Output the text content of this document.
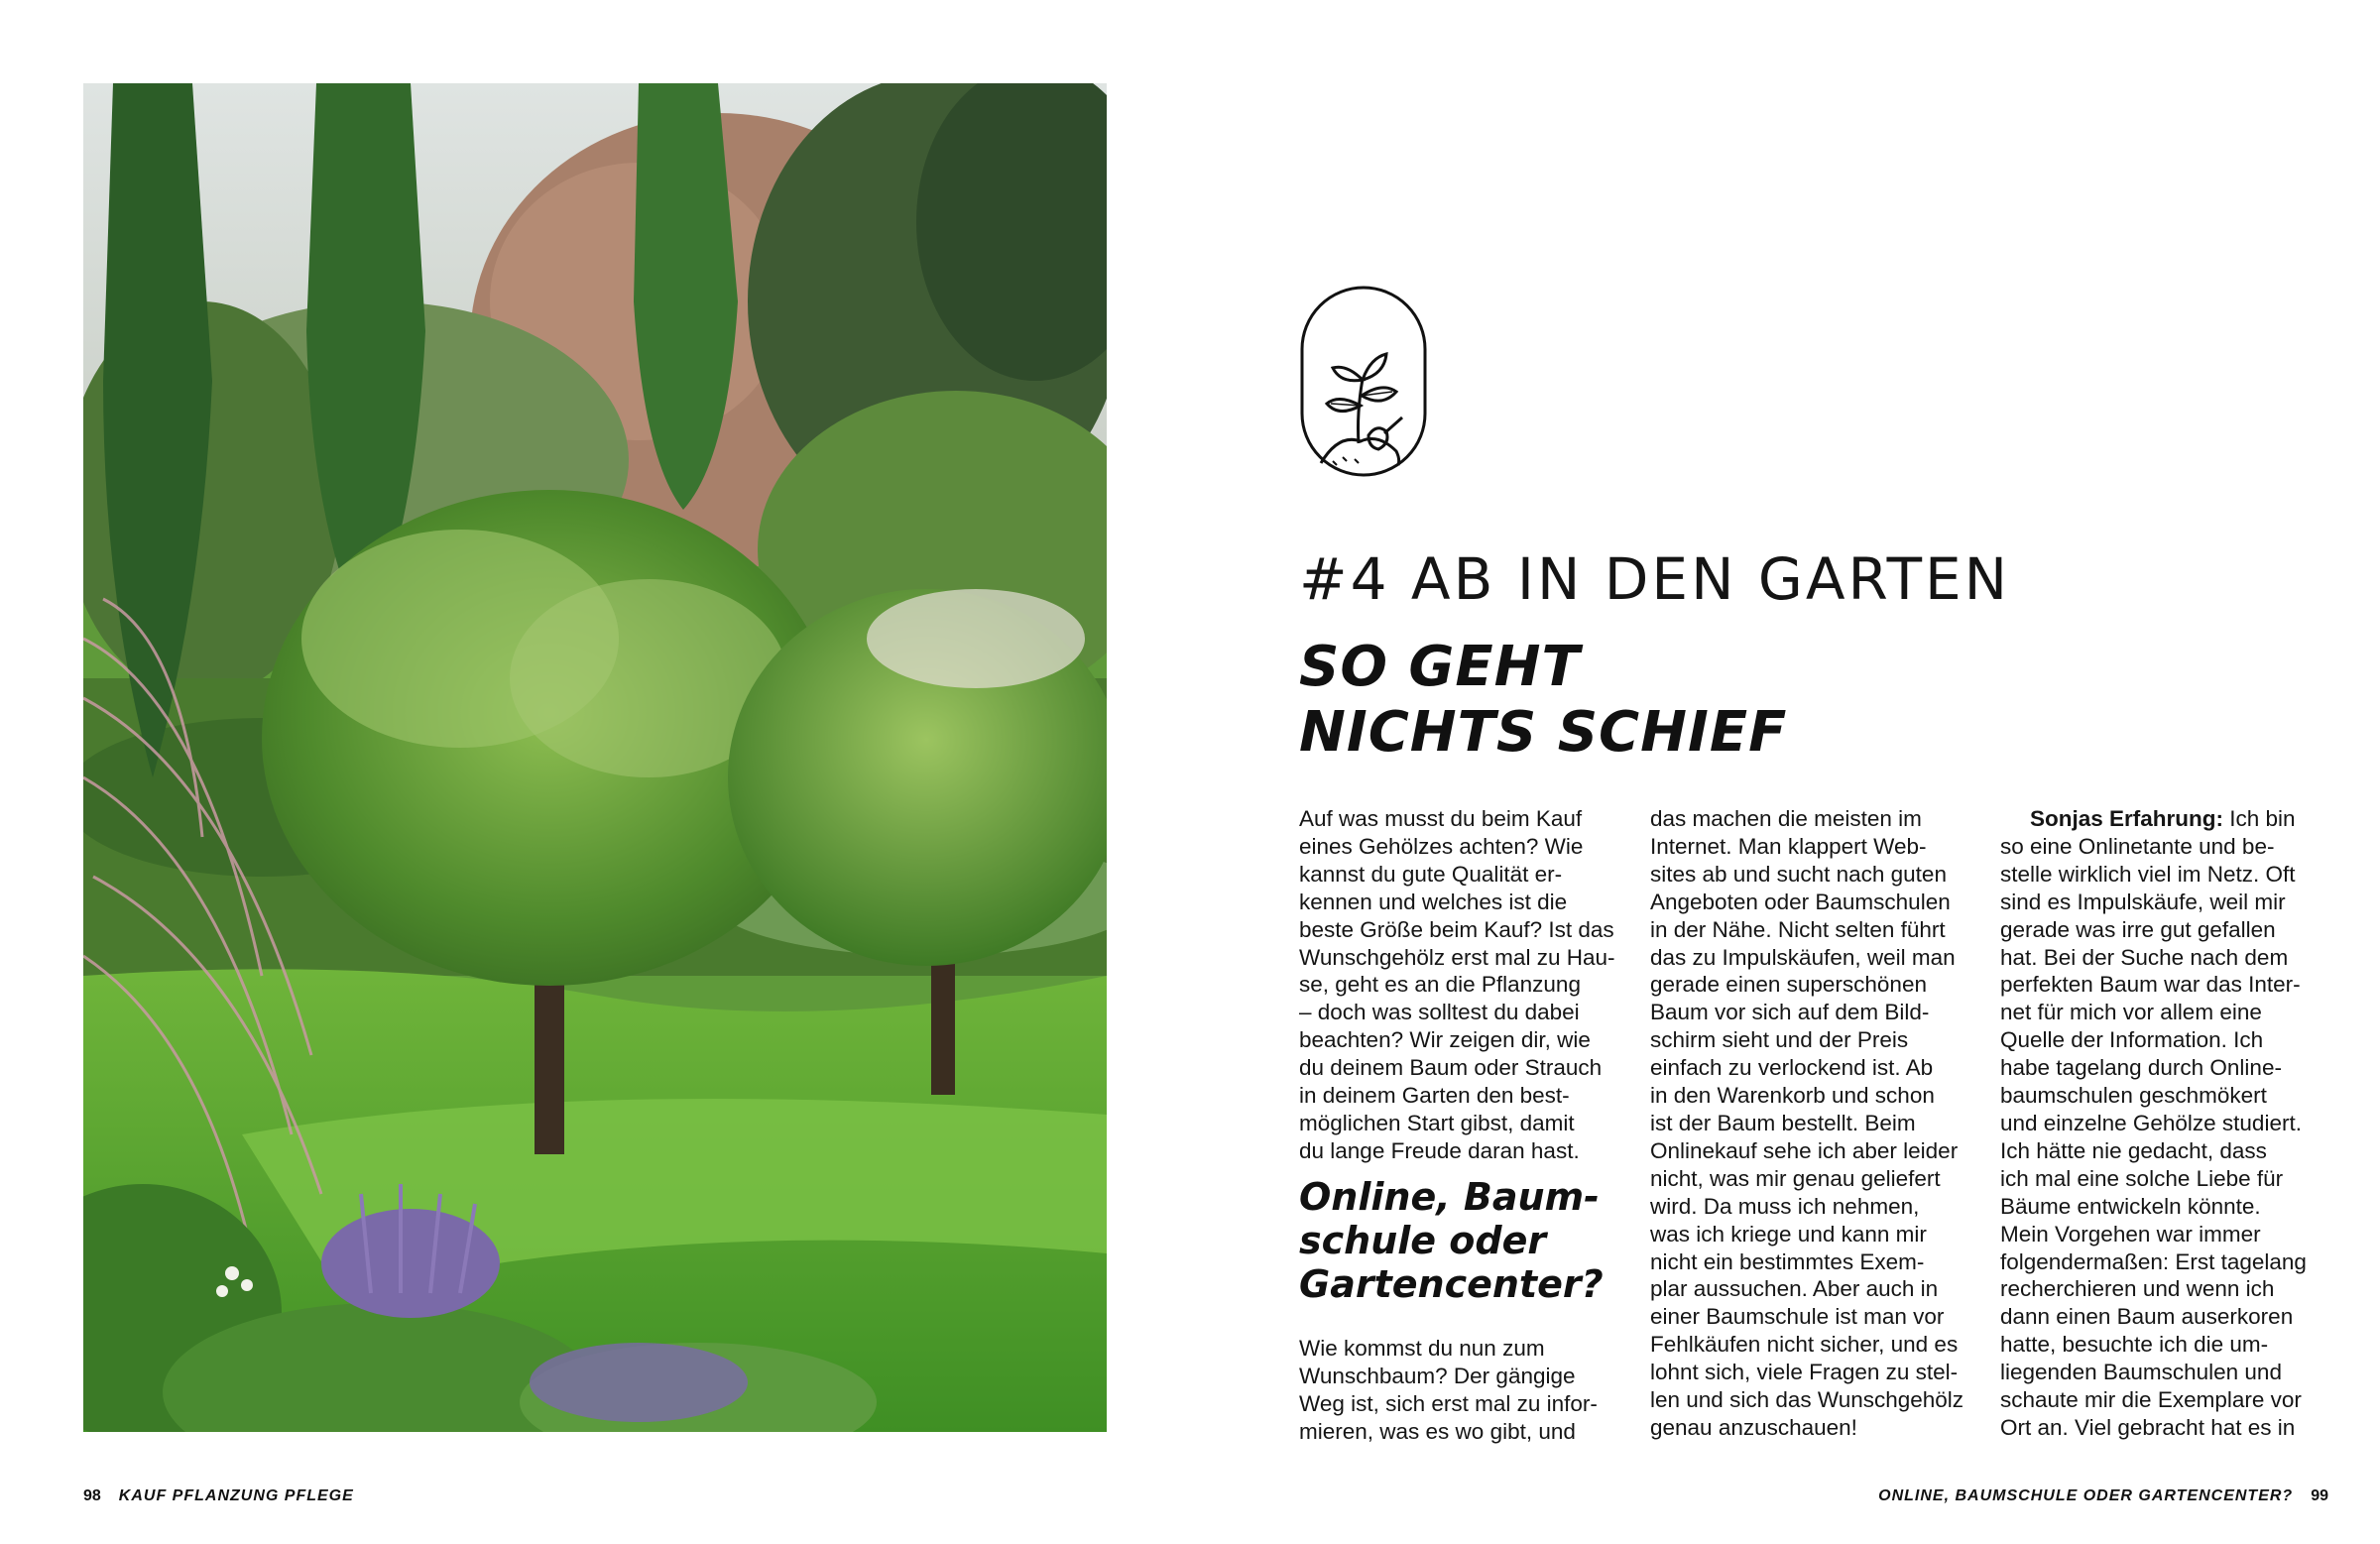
#4 AB IN DEN GARTEN
SO GEHT
NICHTS SCHIEF

Auf was musst du beim Kauf
eines Gehölzes achten? Wie
kannst du gute Qualität er-
kennen und welches ist die
beste Größe beim Kauf? Ist das
Wunschgehölz erst mal zu Hau-
se, geht es an die Pflanzung
– doch was solltest du dabei
beachten? Wir zeigen dir, wie
du deinem Baum oder Strauch
in deinem Garten den best-
möglichen Start gibst, damit
du lange Freude daran hast.

Online, Baum-
schule oder
Gartencenter?

Wie kommst du nun zum
Wunschbaum? Der gängige
Weg ist, sich erst mal zu infor-
mieren, was es wo gibt, und

das machen die meisten im
Internet. Man klappert Web-
sites ab und sucht nach guten
Angeboten oder Baumschulen
in der Nähe. Nicht selten führt
das zu Impulskäufen, weil man
gerade einen superschönen
Baum vor sich auf dem Bild-
schirm sieht und der Preis
einfach zu verlockend ist. Ab
in den Warenkorb und schon
ist der Baum bestellt. Beim
Onlinekauf sehe ich aber leider
nicht, was mir genau geliefert
wird. Da muss ich nehmen,
was ich kriege und kann mir
nicht ein bestimmtes Exem-
plar aussuchen. Aber auch in
einer Baumschule ist man vor
Fehlkäufen nicht sicher, und es
lohnt sich, viele Fragen zu stel-
len und sich das Wunschgehölz
genau anzuschauen!

Sonjas Erfahrung: Ich bin
so eine Onlinetante und be-
stelle wirklich viel im Netz. Oft
sind es Impulskäufe, weil mir
gerade was irre gut gefallen
hat. Bei der Suche nach dem
perfekten Baum war das Inter-
net für mich vor allem eine
Quelle der Information. Ich
habe tagelang durch Online-
baumschulen geschmökert
und einzelne Gehölze studiert.
Ich hätte nie gedacht, dass
ich mal eine solche Liebe für
Bäume entwickeln könnte.
Mein Vorgehen war immer
folgendermaßen: Erst tagelang
recherchieren und wenn ich
dann einen Baum auserkoren
hatte, besuchte ich die um-
liegenden Baumschulen und
schaute mir die Exemplare vor
Ort an. Viel gebracht hat es in

98 KAUF PFLANZUNG PFLEGE	ONLINE, BAUMSCHULE ODER GARTENCENTER? 99
